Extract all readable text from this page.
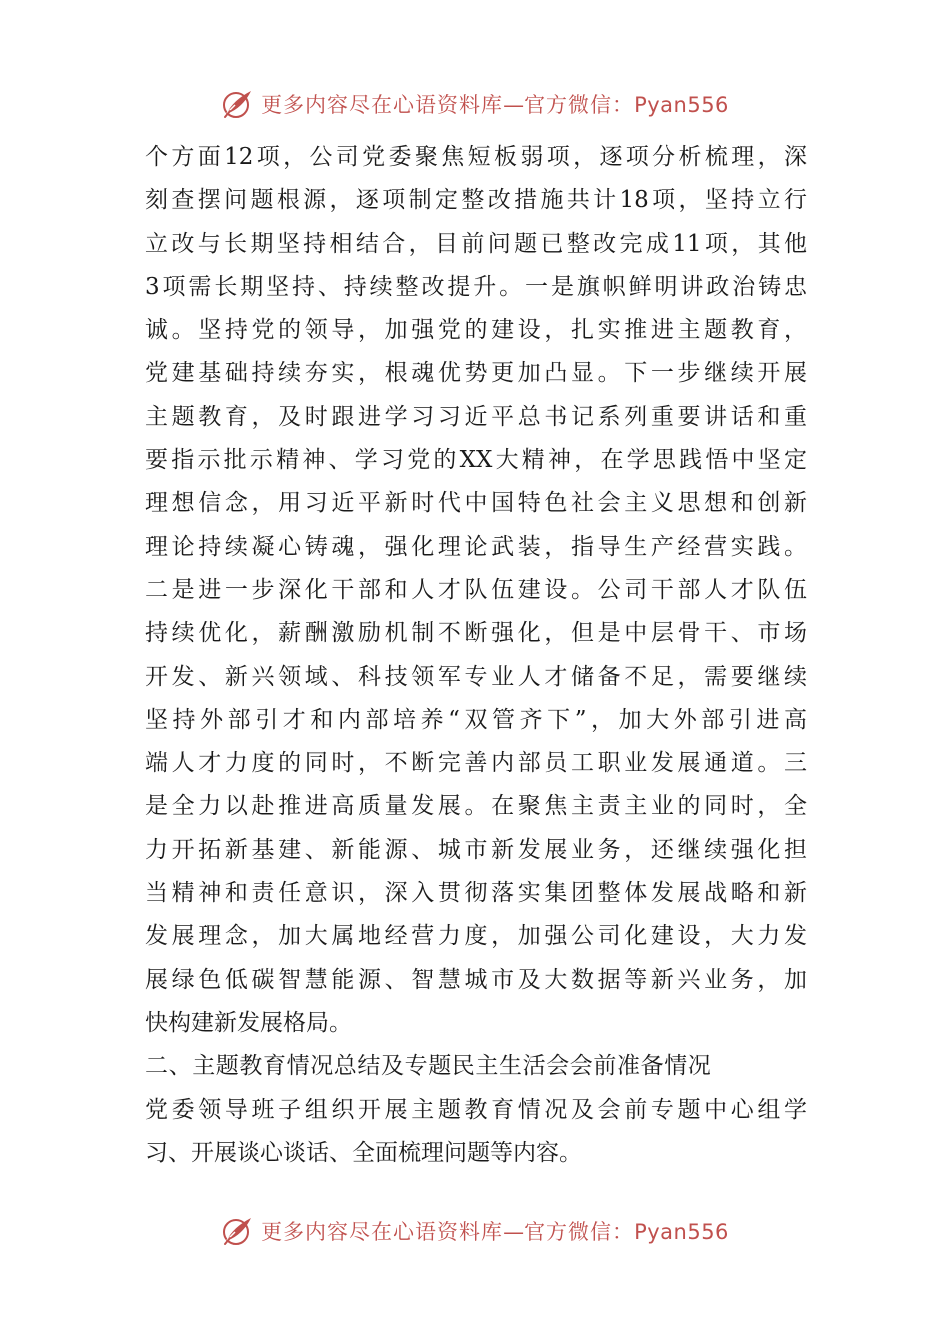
更多内容尽在心语资料库—官方微信：Pyan556
个方面12项，公司党委聚焦短板弱项，逐项分析梳理，深
刻查摆问题根源，逐项制定整改措施共计18项，坚持立行
立改与长期坚持相结合，目前问题已整改完成11项，其他
3项需长期坚持、持续整改提升。一是旗帜鲜明讲政治铸忠
诚。坚持党的领导，加强党的建设，扎实推进主题教育，
党建基础持续夯实，根魂优势更加凸显。下一步继续开展
主题教育，及时跟进学习习近平总书记系列重要讲话和重
要指示批示精神、学习党的XX大精神，在学思践悟中坚定
理想信念，用习近平新时代中国特色社会主义思想和创新
理论持续凝心铸魂，强化理论武装，指导生产经营实践。
二是进一步深化干部和人才队伍建设。公司干部人才队伍
持续优化，薪酬激励机制不断强化，但是中层骨干、市场
开发、新兴领域、科技领军专业人才储备不足，需要继续
坚持外部引才和内部培养“双管齐下”，加大外部引进高
端人才力度的同时，不断完善内部员工职业发展通道。三
是全力以赴推进高质量发展。在聚焦主责主业的同时，全
力开拓新基建、新能源、城市新发展业务，还继续强化担
当精神和责任意识，深入贯彻落实集团整体发展战略和新
发展理念，加大属地经营力度，加强公司化建设，大力发
展绿色低碳智慧能源、智慧城市及大数据等新兴业务，加
快构建新发展格局。
二、主题教育情况总结及专题民主生活会会前准备情况
党委领导班子组织开展主题教育情况及会前专题中心组学
习、开展谈心谈话、全面梳理问题等内容。
更多内容尽在心语资料库—官方微信：Pyan556
